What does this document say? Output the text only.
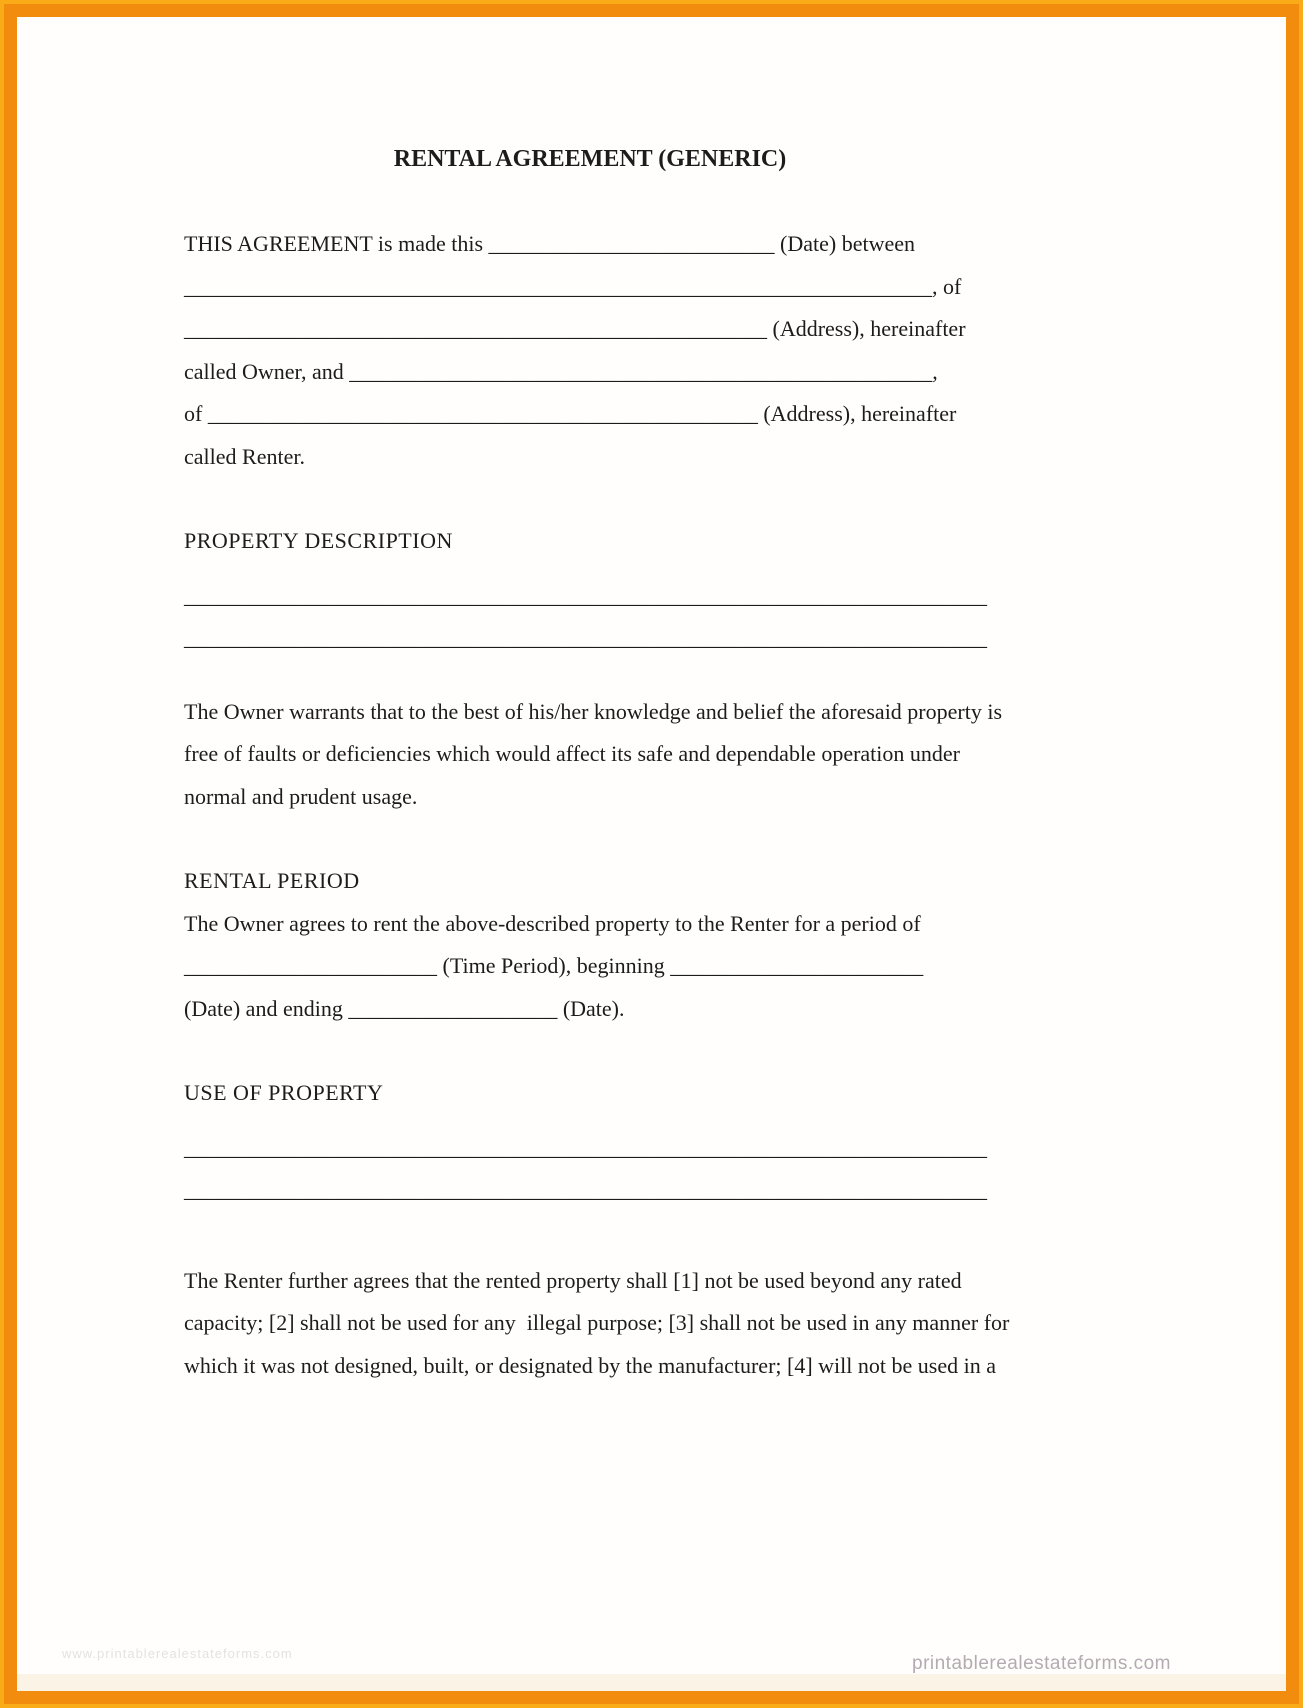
RENTAL AGREEMENT (GENERIC)
THIS AGREEMENT is made this __________________________ (Date) between
____________________________________________________________________, of
_____________________________________________________ (Address), hereinafter
called Owner, and _____________________________________________________,
of __________________________________________________ (Address), hereinafter
called Renter.
PROPERTY DESCRIPTION
_________________________________________________________________________
_________________________________________________________________________
The Owner warrants that to the best of his/her knowledge and belief the aforesaid property is
free of faults or deficiencies which would affect its safe and dependable operation under
normal and prudent usage.
RENTAL PERIOD
The Owner agrees to rent the above-described property to the Renter for a period of
_______________________ (Time Period), beginning _______________________
(Date) and ending ___________________ (Date).
USE OF PROPERTY
_________________________________________________________________________
_________________________________________________________________________
The Renter further agrees that the rented property shall [1] not be used beyond any rated
capacity; [2] shall not be used for any  illegal purpose; [3] shall not be used in any manner for
which it was not designed, built, or designated by the manufacturer; [4] will not be used in a
www.printablerealestateforms.com	printablerealestateforms.com
